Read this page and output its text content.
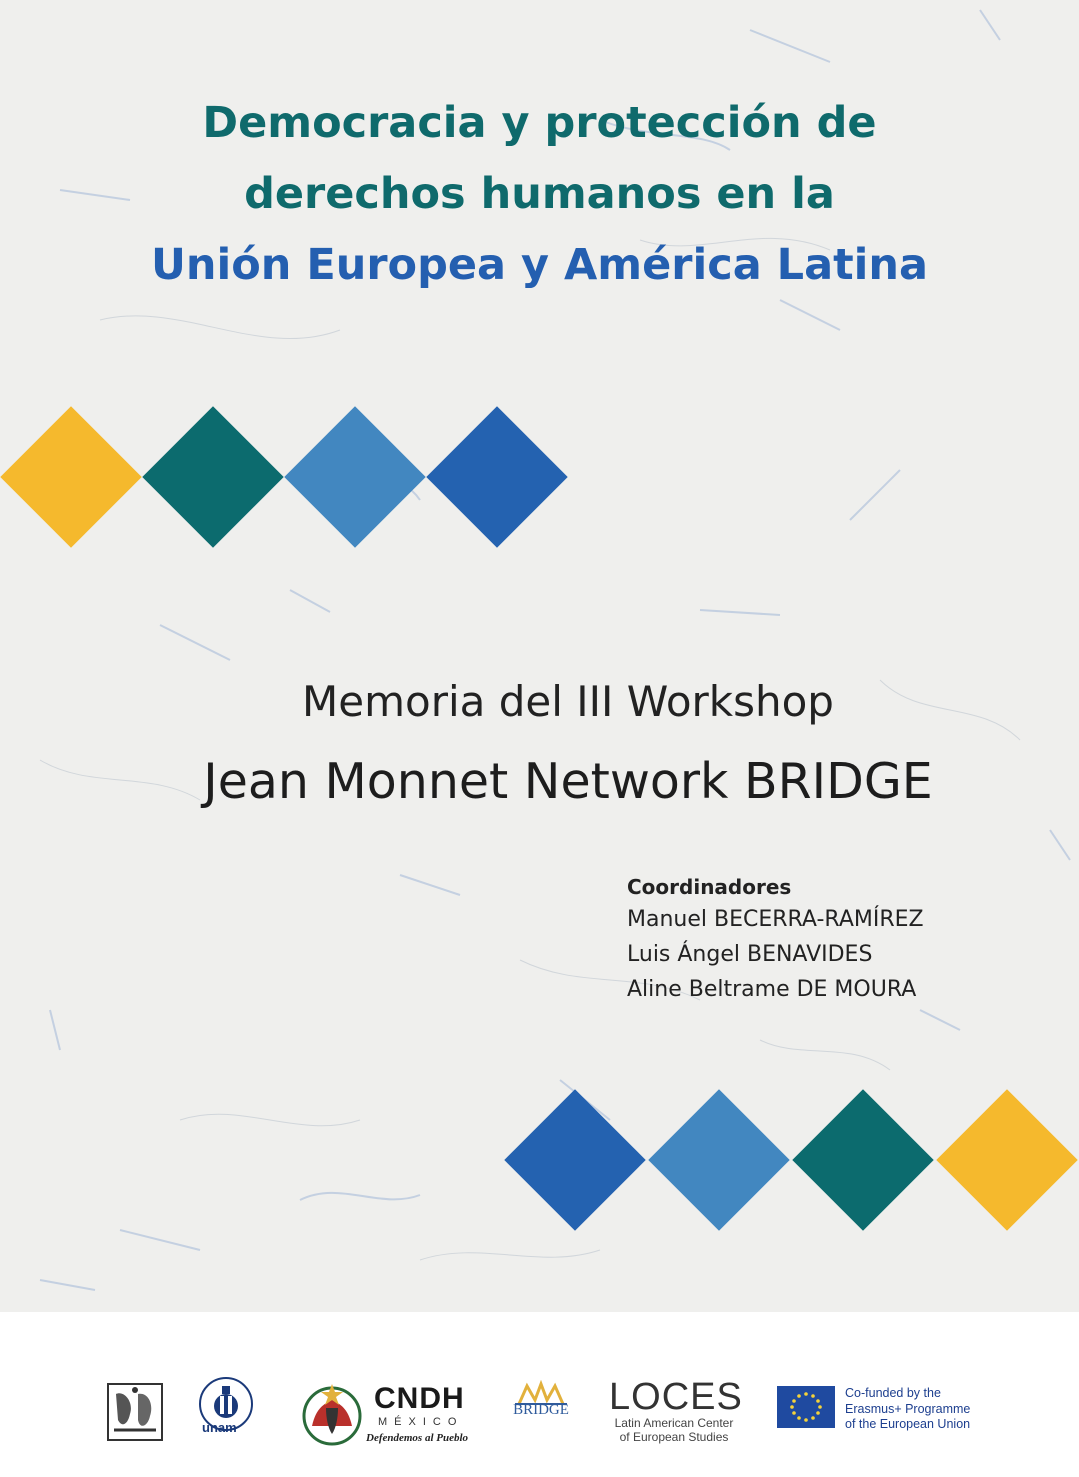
Democracia y protección de
derechos humanos en la
Unión Europea y América Latina
Memoria del III Workshop
Jean Monnet Network BRIDGE
Coordinadores
Manuel BECERRA-RAMÍREZ
Luis Ángel BENAVIDES
Aline Beltrame DE MOURA
unam
CNDH
MÉXICO
Defendemos al Pueblo
BRIDGE LOCES
Latin American Center
of European Studies
Co-funded by the
Erasmus+ Programme
of the European Union
